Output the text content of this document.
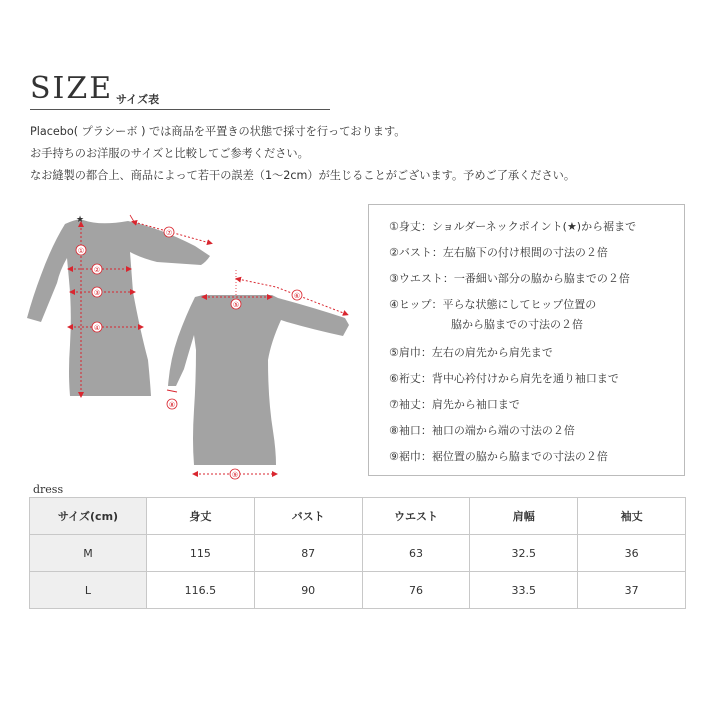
SIZE サイズ表
Placebo( プラシーボ ) では商品を平置きの状態で採寸を行っております。
お手持ちのお洋服のサイズと比較してご参考ください。
なお縫製の都合上、商品によって若干の誤差（1〜2cm）が生じることがございます。予めご了承ください。
★
①
②
③
④
⑦
⑤
⑥
⑧
⑨
①身丈：ショルダーネックポイント(★)から裾まで
②バスト：左右脇下の付け根間の寸法の２倍
③ウエスト：一番細い部分の脇から脇までの２倍
④ヒップ：平らな状態にしてヒップ位置の
脇から脇までの寸法の２倍
⑤肩巾：左右の肩先から肩先まで
⑥裄丈：背中心衿付けから肩先を通り袖口まで
⑦袖丈：肩先から袖口まで
⑧袖口：袖口の端から端の寸法の２倍
⑨裾巾：裾位置の脇から脇までの寸法の２倍
dress
サイズ(cm)	身丈	バスト	ウエスト	肩幅	袖丈
M	115	87	63	32.5	36
L	116.5	90	76	33.5	37
